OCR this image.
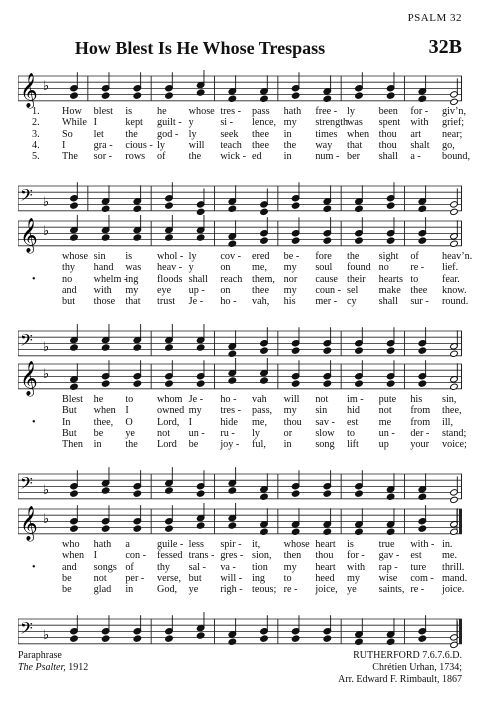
PSALM 32
How Blest Is He Whose Trespass	32B
𝄞 ♭
𝄢 ♭
1. How blest is he whose tres - pass hath free - ly been for - giv’n,
2. While I	kept guilt - y	si - lence, my strength
was spent with grief;
3. So let the god - ly seek thee in times when thou art near;
4. I	gra - cious - ly will teach thee the way that thou shalt go,
5. The sor - rows of the wick - ed in num - ber shall a - bound,
𝄞 ♭
𝄢 ♭
whose sin is whol - ly cov - ered be - fore the sight of heav’n.
thy hand was heav - y	on me, my soul found no re - lief.
•	no whelm -
ing floods shall reach them, nor cause their hearts to fear.
and with my eye up - on thee my coun - sel make thee know.
but those that trust Je - ho - vah, his mer - cy shall sur - round.
𝄞 ♭
𝄢 ♭
Blest he to whom Je - ho - vah will not im - pute his sin,
But when I	owned my tres - pass, my sin hid not from thee,
•	In thee, O Lord, I	hide me, thou sav - est me from ill,
But be ye not un - ru - ly or slow to un - der - stand;
Then in the Lord be joy - ful, in song lift up your voice;
𝄞 ♭
𝄢 ♭
who hath a	guile - less spir - it, whose heart is true with - in.
when I	con - fessed trans - gres - sion, then thou for - gav - est me.
•	and songs of thy sal - va - tion my heart with rap - ture thrill.
be not per - verse, but will - ing to heed my wise com - mand.
be glad in God, ye righ - teous; re - joice, ye saints, re - joice.
Paraphrase
The Psalter, 1912
RUTHERFORD 7.6.7.6.D.
Chrétien Urhan, 1734;
Arr. Edward F. Rimbault, 1867
